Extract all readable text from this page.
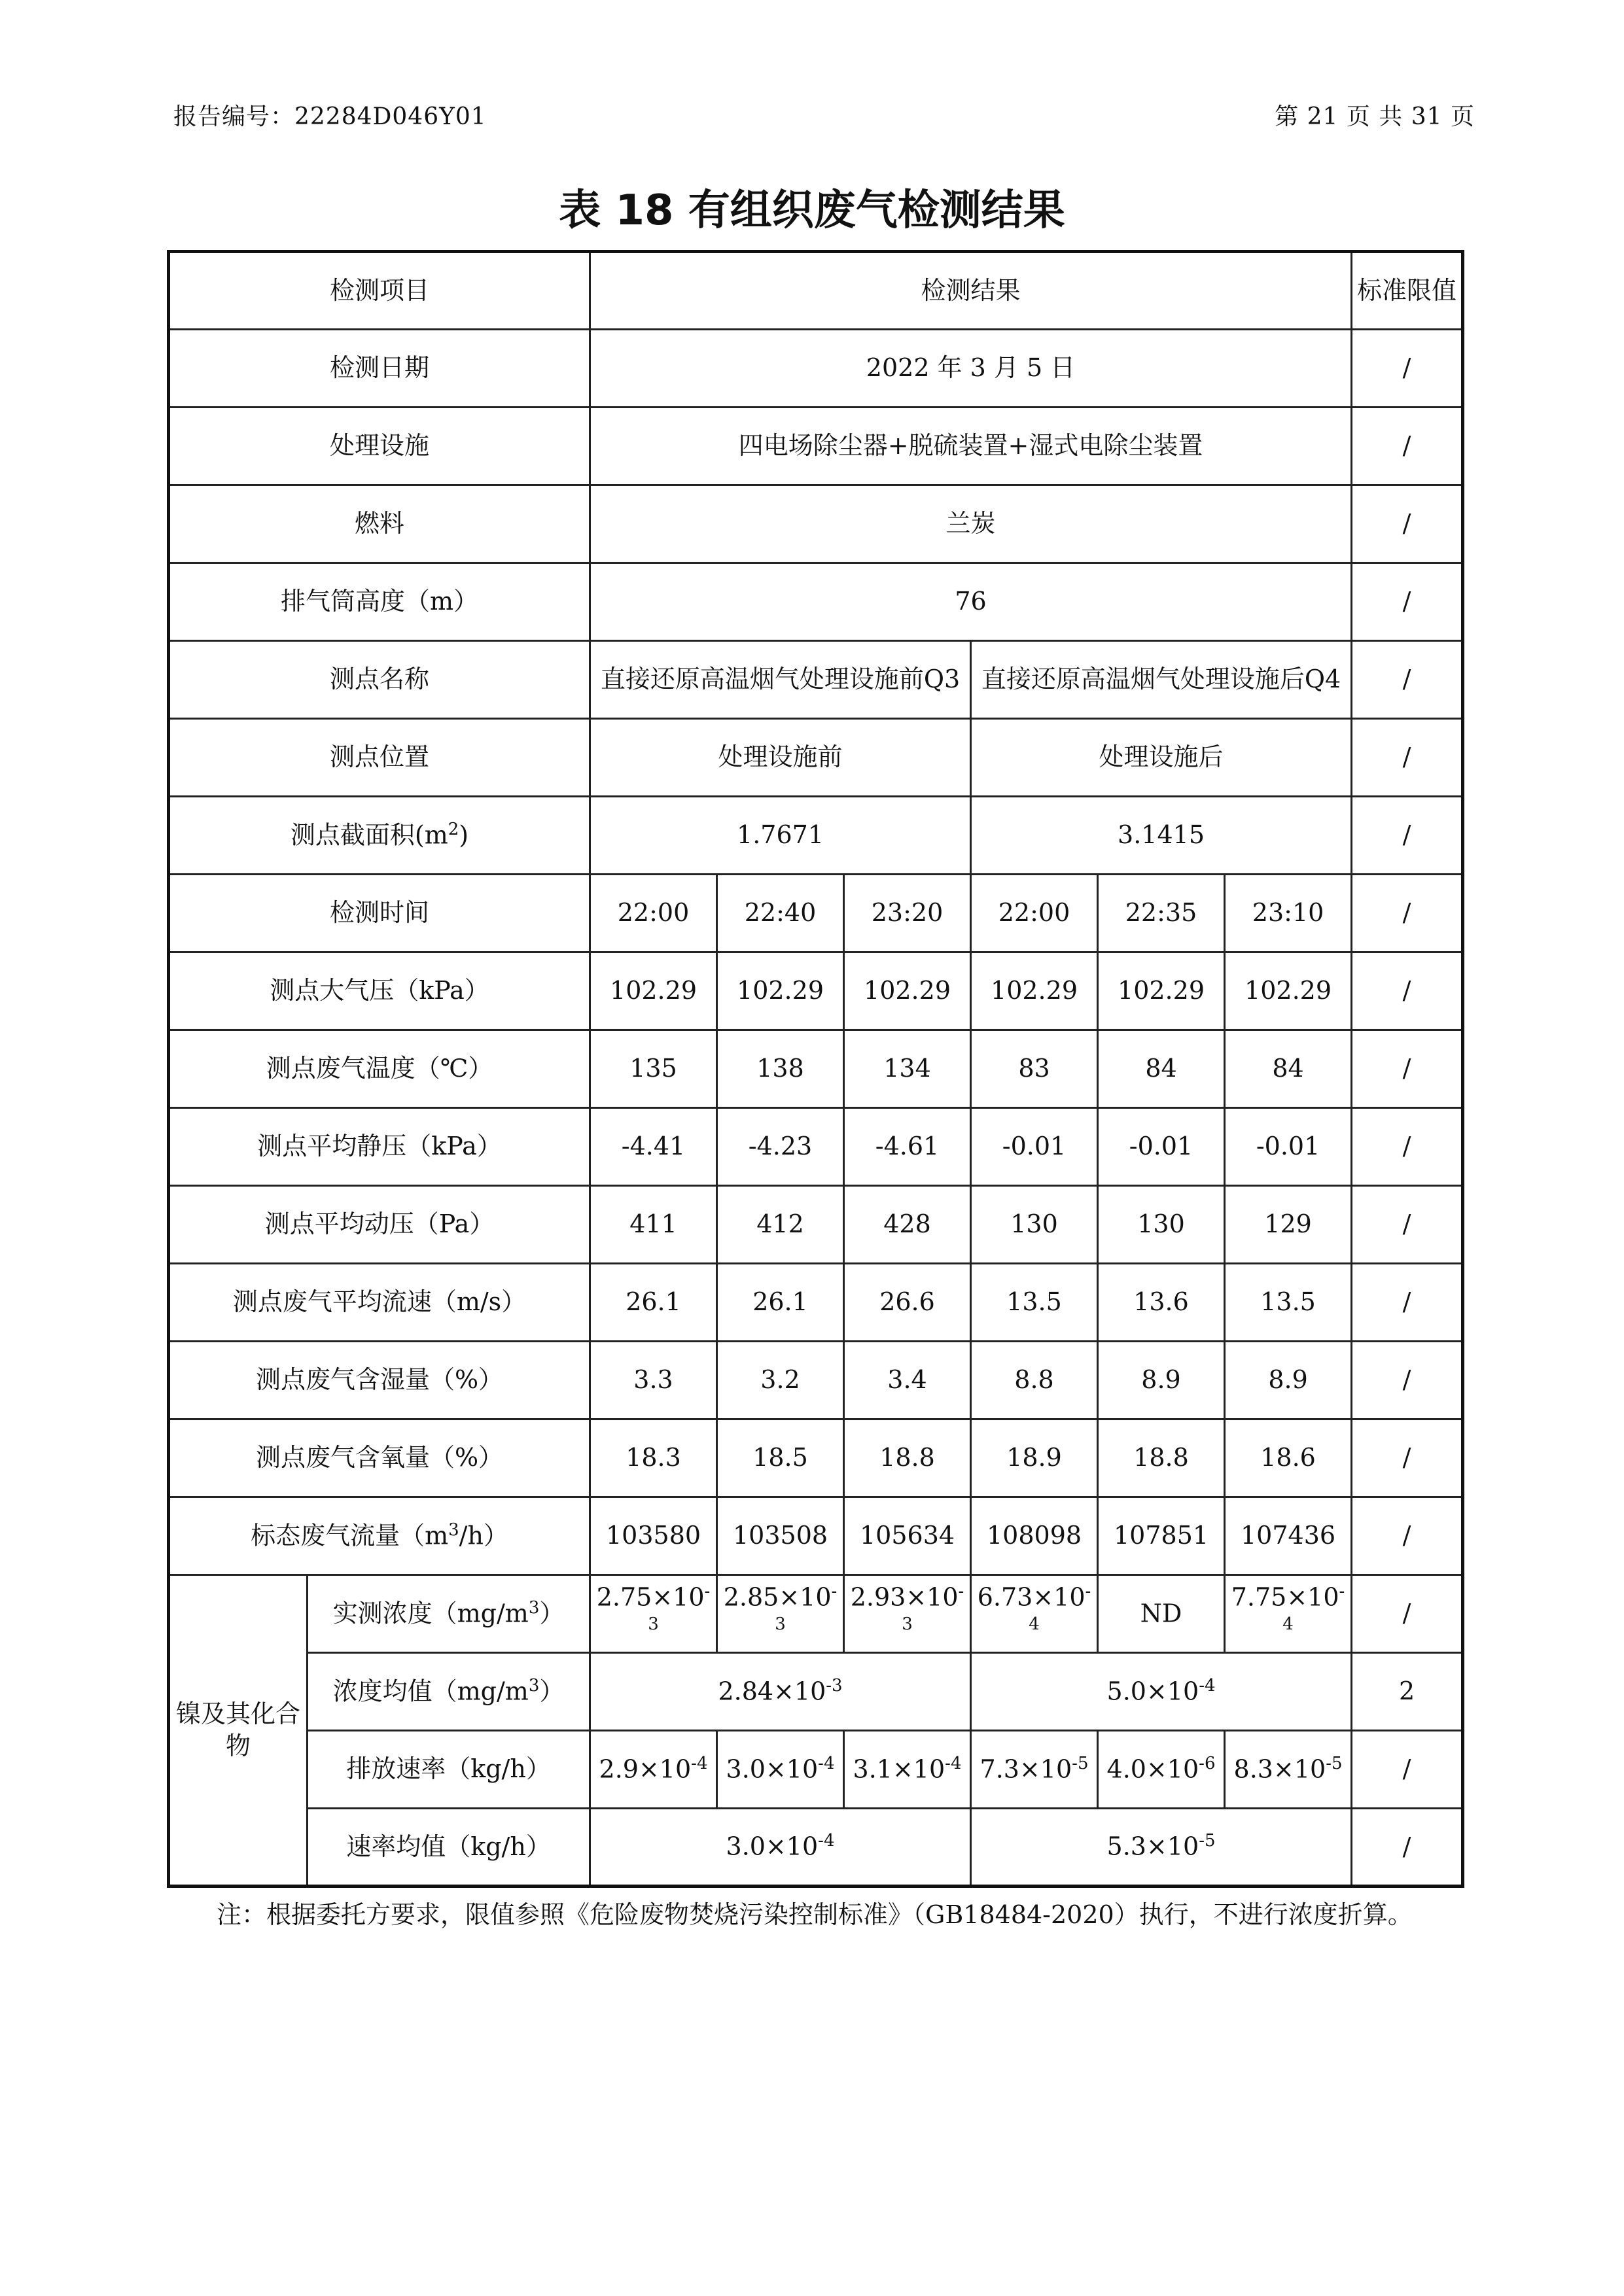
报告编号：22284D046Y01	第 21 页 共 31 页
表 18 有组织废气检测结果
检测项目		检测结果						标准限值
检测日期		2022 年 3 月 5 日						/
处理设施		四电场除尘器+脱硫装置+湿式电除尘装置						/
燃料		兰炭						/
排气筒高度（m）		76						/
测点名称		直接还原高温烟气处理设施前Q3			直接还原高温烟气处理设施后Q4			/
测点位置		处理设施前			处理设施后			/
测点截面积$(m^2)$		1.7671			3.1415			/
检测时间		22:00	22:40	23:20	22:00	22:35	23:10	/
测点大气压（kPa）		102.29	102.29	102.29	102.29	102.29	102.29	/
测点废气温度（℃）		135	138	134	83	84	84	/
测点平均静压（kPa）		-4.41	-4.23	-4.61	-0.01	-0.01	-0.01	/
测点平均动压（Pa）		411	412	428	130	130	129	/
测点废气平均流速（m/s）		26.1	26.1	26.6	13.5	13.6	13.5	/
测点废气含湿量（%）		3.3	3.2	3.4	8.8	8.9	8.9	/
测点废气含氧量（%）		18.3	18.5	18.8	18.9	18.8	18.6	/
标态废气流量$(m^3/h)$		103580	103508	105634	108098	107851	107436	/
镍及其化合物	实测浓度$(mg/m^3)$	$2.75\times 10^{-3}$	$2.85\times 10^{-3}$	$2.93\times 10^{-3}$	$6.73\times 10^{-4}$	ND	$7.75\times 10^{-4}$	/
	浓度均值$(mg/m^3)$	$2.84\times 10^{-3}$			$5.0\times 10^{-4}$			2
	排放速率（kg/h）	$2.9\times 10^{-4}$	$3.0\times 10^{-4}$	$3.1\times 10^{-4}$	$7.3\times 10^{-5}$	$4.0\times 10^{-6}$	$8.3\times 10^{-5}$	/
	速率均值（kg/h）	$3.0\times 10^{-4}$			$5.3\times 10^{-5}$			/
注：根据委托方要求，限值参照《危险废物焚烧污染控制标准》（GB18484-2020）执行，不进行浓度折算。
